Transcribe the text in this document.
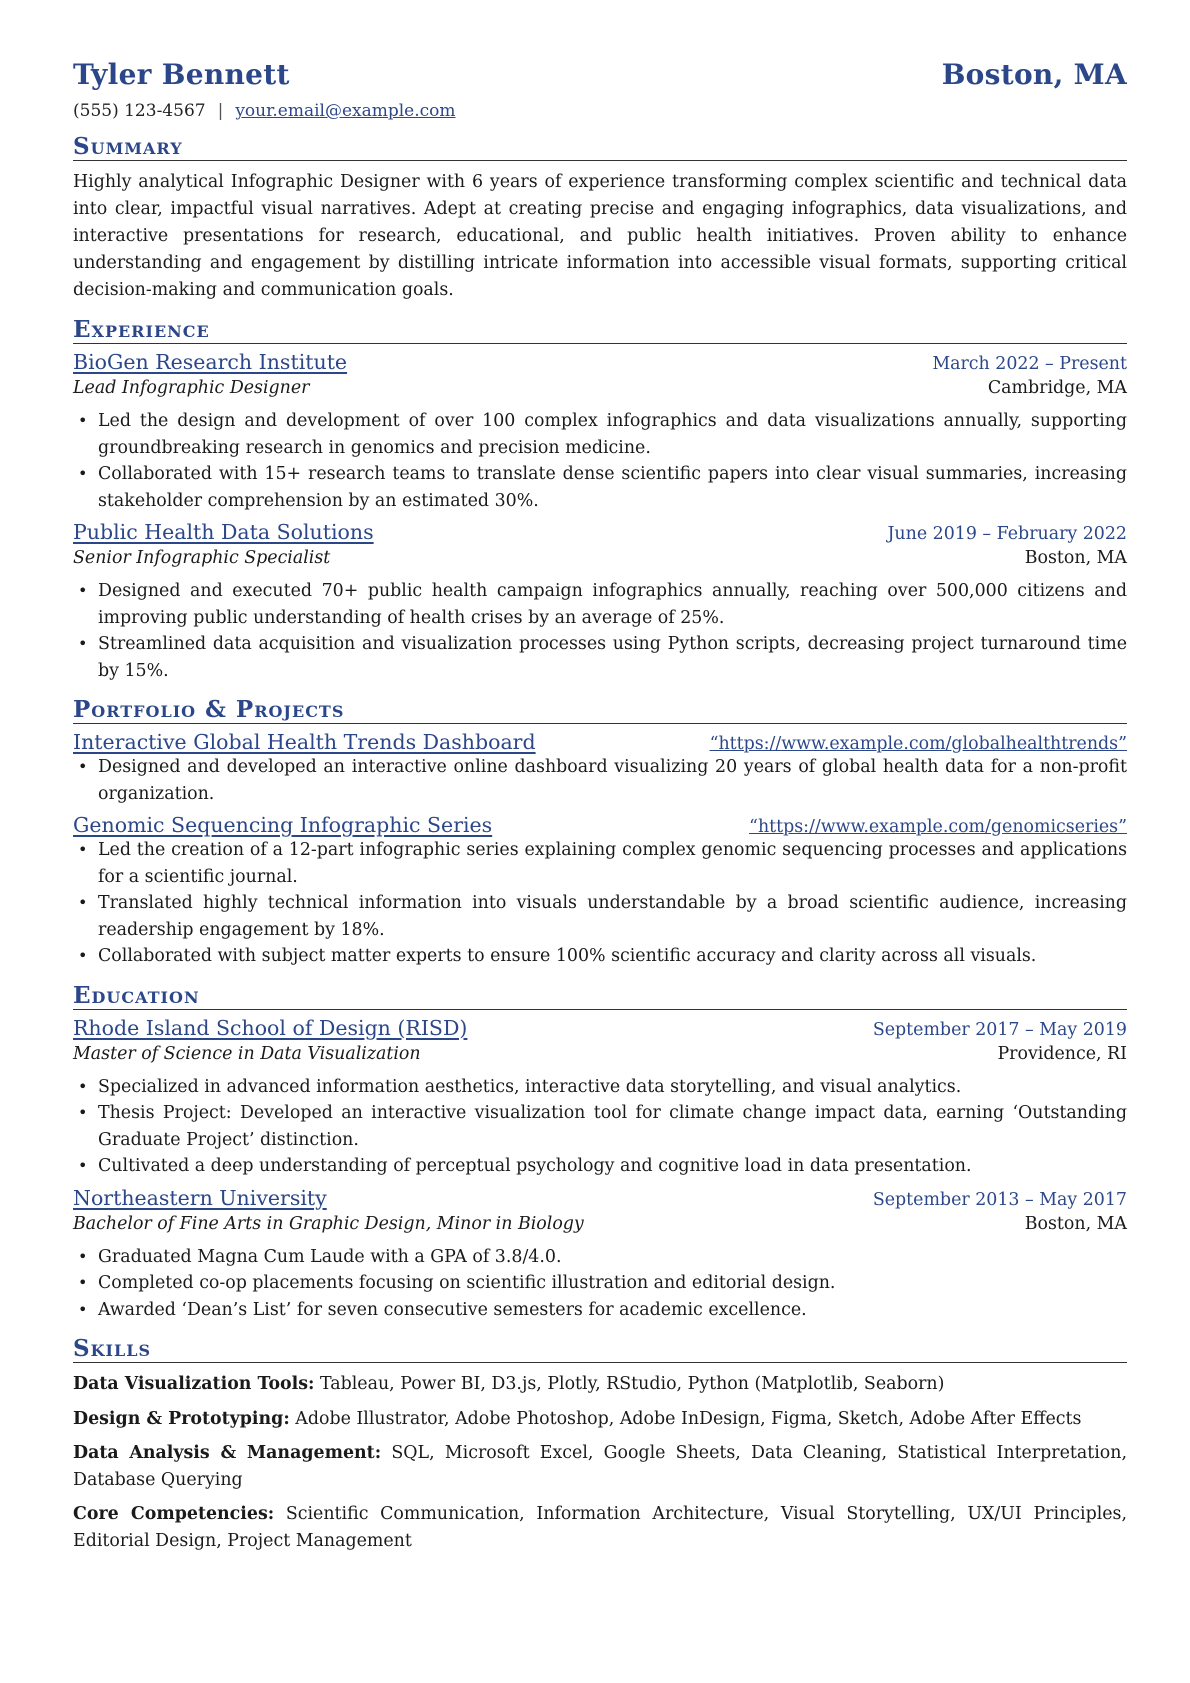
Tyler Bennett	Boston, MA
(555) 123-4567 | your.email@example.com
Summary

Highly analytical Infographic Designer with 6 years of experience transforming complex scientific and technical data into clear, impactful visual narratives. Adept at creating precise and engaging infographics, data visualizations, and interactive presentations for research, educational, and public health initiatives. Proven ability to enhance understanding and engagement by distilling intricate information into accessible visual formats, supporting critical decision-making and communication goals.

Experience
BioGen Research Institute	March 2022 – Present
Lead Infographic Designer	Cambridge, MA
• Led the design and development of over 100 complex infographics and data visualizations annually, supporting groundbreaking research in genomics and precision medicine.
• Collaborated with 15+ research teams to translate dense scientific papers into clear visual summaries, increasing stakeholder comprehension by an estimated 30%.
Public Health Data Solutions	June 2019 – February 2022
Senior Infographic Specialist	Boston, MA
• Designed and executed 70+ public health campaign infographics annually, reaching over 500,000 citizens and improving public understanding of health crises by an average of 25%.
• Streamlined data acquisition and visualization processes using Python scripts, decreasing project turnaround time by 15%.
Portfolio & Projects
Interactive Global Health Trends Dashboard	“https://www.example.com/globalhealthtrends”
• Designed and developed an interactive online dashboard visualizing 20 years of global health data for a non-profit organization.
Genomic Sequencing Infographic Series	“https://www.example.com/genomicseries”
• Led the creation of a 12-part infographic series explaining complex genomic sequencing processes and applications for a scientific journal.
• Translated highly technical information into visuals understandable by a broad scientific audience, increasing readership engagement by 18%.
• Collaborated with subject matter experts to ensure 100% scientific accuracy and clarity across all visuals.
Education
Rhode Island School of Design (RISD)	September 2017 – May 2019
Master of Science in Data Visualization	Providence, RI
• Specialized in advanced information aesthetics, interactive data storytelling, and visual analytics.
• Thesis Project: Developed an interactive visualization tool for climate change impact data, earning ‘Outstanding Graduate Project’ distinction.
• Cultivated a deep understanding of perceptual psychology and cognitive load in data presentation.
Northeastern University	September 2013 – May 2017
Bachelor of Fine Arts in Graphic Design, Minor in Biology	Boston, MA
• Graduated Magna Cum Laude with a GPA of 3.8/4.0.
• Completed co-op placements focusing on scientific illustration and editorial design.
• Awarded ‘Dean’s List’ for seven consecutive semesters for academic excellence.
Skills
Data Visualization Tools: Tableau, Power BI, D3.js, Plotly, RStudio, Python (Matplotlib, Seaborn)
Design & Prototyping: Adobe Illustrator, Adobe Photoshop, Adobe InDesign, Figma, Sketch, Adobe After Effects
Data Analysis & Management: SQL, Microsoft Excel, Google Sheets, Data Cleaning, Statistical Interpretation, Database Querying
Core Competencies: Scientific Communication, Information Architecture, Visual Storytelling, UX/UI Principles, Editorial Design, Project Management
